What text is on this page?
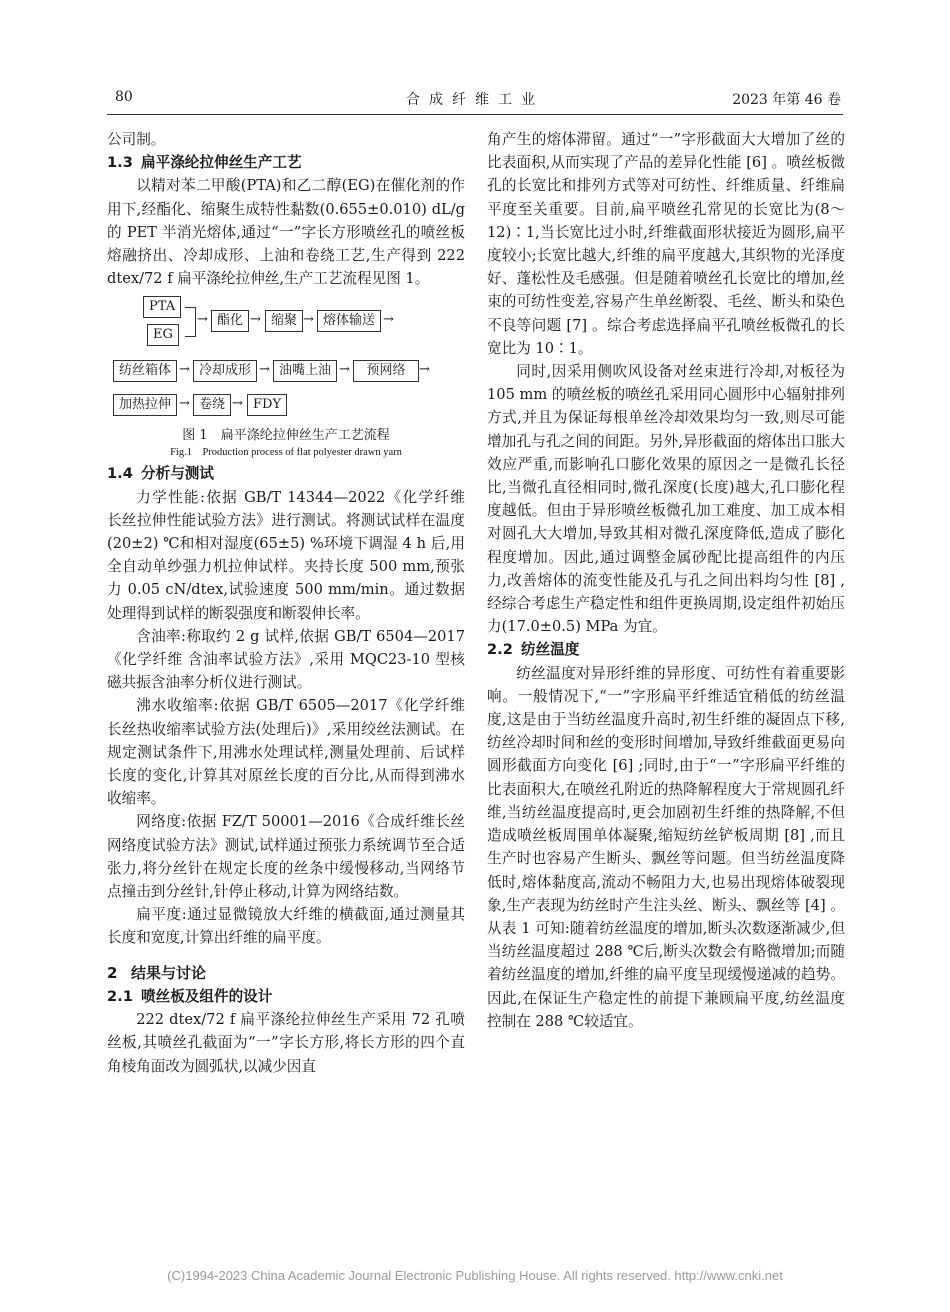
80	合成纤维工业	2023 年第 46 卷

公司制。

1.3 扁平涤纶拉伸丝生产工艺

以精对苯二甲酸(PTA)和乙二醇(EG)在催化剂的作用下,经酯化、缩聚生成特性黏数(0.655±0.010) dL/g 的 PET 半消光熔体,通过“一”字长方形喷丝孔的喷丝板熔融挤出、冷却成形、上油和卷绕工艺,生产得到 222 dtex/72 f 扁平涤纶拉伸丝,生产工艺流程见图 1。

PTA
EG
→ 酯化 → 缩聚 → 熔体输送 →
纺丝箱体 → 冷却成形 → 油嘴上油 →	预网络	→
加热拉伸 → 卷绕 → FDY
图 1　扁平涤纶拉伸丝生产工艺流程
Fig.1　Production process of flat polyester drawn yarn
1.4 分析与测试

力学性能:依据 GB/T 14344—2022《化学纤维 长丝拉伸性能试验方法》进行测试。将测试试样在温度(20±2) ℃和相对湿度(65±5) %环境下调湿 4 h 后,用全自动单纱强力机拉伸试样。夹持长度 500 mm,预张力 0.05 cN/dtex,试验速度 500 mm/min。通过数据处理得到试样的断裂强度和断裂伸长率。

含油率:称取约 2 g 试样,依据 GB/T 6504—2017《化学纤维 含油率试验方法》,采用 MQC23-10 型核磁共振含油率分析仪进行测试。

沸水收缩率:依据 GB/T 6505—2017《化学纤维 长丝热收缩率试验方法(处理后)》,采用绞丝法测试。在规定测试条件下,用沸水处理试样,测量处理前、后试样长度的变化,计算其对原丝长度的百分比,从而得到沸水收缩率。

网络度:依据 FZ/T 50001—2016《合成纤维长丝网络度试验方法》测试,试样通过预张力系统调节至合适张力,将分丝针在规定长度的丝条中缓慢移动,当网络节点撞击到分丝针,针停止移动,计算为网络结数。

扁平度:通过显微镜放大纤维的横截面,通过测量其长度和宽度,计算出纤维的扁平度。

2 结果与讨论
2.1 喷丝板及组件的设计

222 dtex/72 f 扁平涤纶拉伸丝生产采用 72 孔喷丝板,其喷丝孔截面为“一”字长方形,将长方形的四个直角棱角面改为圆弧状,以减少因直

角产生的熔体滞留。通过“一”字形截面大大增加了丝的比表面积,从而实现了产品的差异化性能 [6] 。喷丝板微孔的长宽比和排列方式等对可纺性、纤维质量、纤维扁平度至关重要。目前,扁平喷丝孔常见的长宽比为(8～12)∶1,当长宽比过小时,纤维截面形状接近为圆形,扁平度较小;长宽比越大,纤维的扁平度越大,其织物的光泽度好、蓬松性及毛感强。但是随着喷丝孔长宽比的增加,丝束的可纺性变差,容易产生单丝断裂、毛丝、断头和染色不良等问题 [7] 。综合考虑选择扁平孔喷丝板微孔的长宽比为 10∶1。

同时,因采用侧吹风设备对丝束进行冷却,对板径为 105 mm 的喷丝板的喷丝孔采用同心圆形中心辐射排列方式,并且为保证每根单丝冷却效果均匀一致,则尽可能增加孔与孔之间的间距。另外,异形截面的熔体出口胀大效应严重,而影响孔口膨化效果的原因之一是微孔长径比,当微孔直径相同时,微孔深度(长度)越大,孔口膨化程度越低。但由于异形喷丝板微孔加工难度、加工成本相对圆孔大大增加,导致其相对微孔深度降低,造成了膨化程度增加。因此,通过调整金属砂配比提高组件的内压力,改善熔体的流变性能及孔与孔之间出料均匀性 [8] ,经综合考虑生产稳定性和组件更换周期,设定组件初始压力(17.0±0.5) MPa 为宜。

2.2 纺丝温度

纺丝温度对异形纤维的异形度、可纺性有着重要影响。一般情况下,“一”字形扁平纤维适宜稍低的纺丝温度,这是由于当纺丝温度升高时,初生纤维的凝固点下移,纺丝冷却时间和丝的变形时间增加,导致纤维截面更易向圆形截面方向变化 [6] ;同时,由于“一”字形扁平纤维的比表面积大,在喷丝孔附近的热降解程度大于常规圆孔纤维,当纺丝温度提高时,更会加剧初生纤维的热降解,不但造成喷丝板周围单体凝聚,缩短纺丝铲板周期 [8] ,而且生产时也容易产生断头、飘丝等问题。但当纺丝温度降低时,熔体黏度高,流动不畅阻力大,也易出现熔体破裂现象,生产表现为纺丝时产生注头丝、断头、飘丝等 [4] 。从表 1 可知:随着纺丝温度的增加,断头次数逐渐减少,但当纺丝温度超过 288 ℃后,断头次数会有略微增加;而随着纺丝温度的增加,纤维的扁平度呈现缓慢递减的趋势。因此,在保证生产稳定性的前提下兼顾扁平度,纺丝温度控制在 288 ℃较适宜。

(C)1994-2023 China Academic Journal Electronic Publishing House. All rights reserved. http://www.cnki.net
